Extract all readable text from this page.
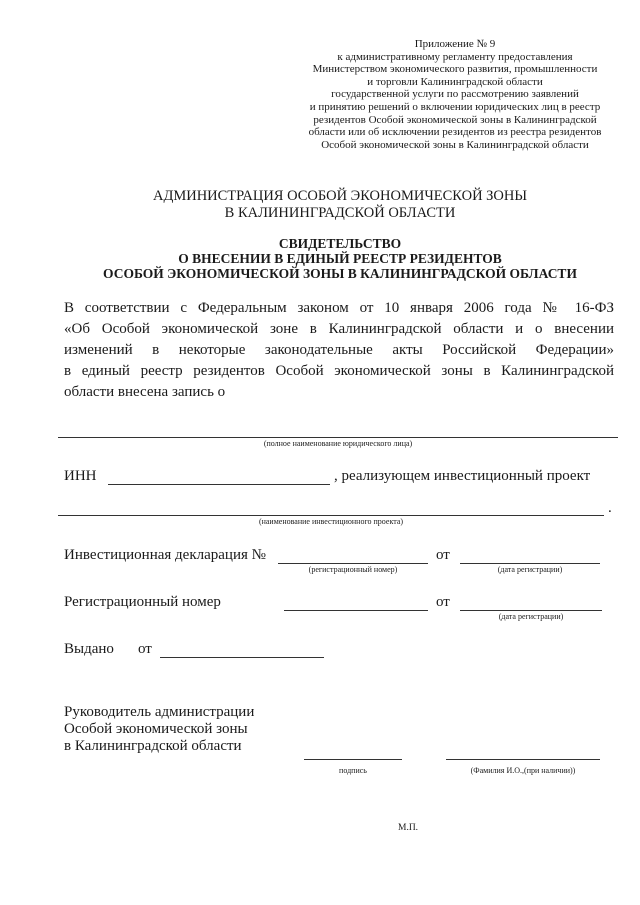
Приложение № 9
к административному регламенту предоставления
Министерством экономического развития, промышленности
и торговли Калининградской области
государственной услуги по рассмотрению заявлений
и принятию решений о включении юридических лиц в реестр
резидентов Особой экономической зоны в Калининградской
области или об исключении резидентов из реестра резидентов
Особой экономической зоны в Калининградской области
АДМИНИСТРАЦИЯ ОСОБОЙ ЭКОНОМИЧЕСКОЙ ЗОНЫ
В КАЛИНИНГРАДСКОЙ ОБЛАСТИ
СВИДЕТЕЛЬСТВО
О ВНЕСЕНИИ В ЕДИНЫЙ РЕЕСТР РЕЗИДЕНТОВ
ОСОБОЙ ЭКОНОМИЧЕСКОЙ ЗОНЫ В КАЛИНИНГРАДСКОЙ ОБЛАСТИ
В соответствии с Федеральным законом от 10 января 2006 года № 16-ФЗ
«Об Особой экономической зоне в Калининградской области и о внесении
изменений в некоторые законодательные акты Российской Федерации»
в единый реестр резидентов Особой экономической зоны в Калининградской
области внесена запись о
(полное наименование юридического лица)
ИНН	, реализующем инвестиционный проект
.
(наименование инвестиционного проекта)
Инвестиционная декларация №
(регистрационный номер)
от
(дата регистрации)
Регистрационный номер	от
(дата регистрации)
Выдано от
Руководитель администрации
Особой экономической зоны
в Калининградской области
подпись	(Фамилия И.О.,(при наличии))
М.П.
